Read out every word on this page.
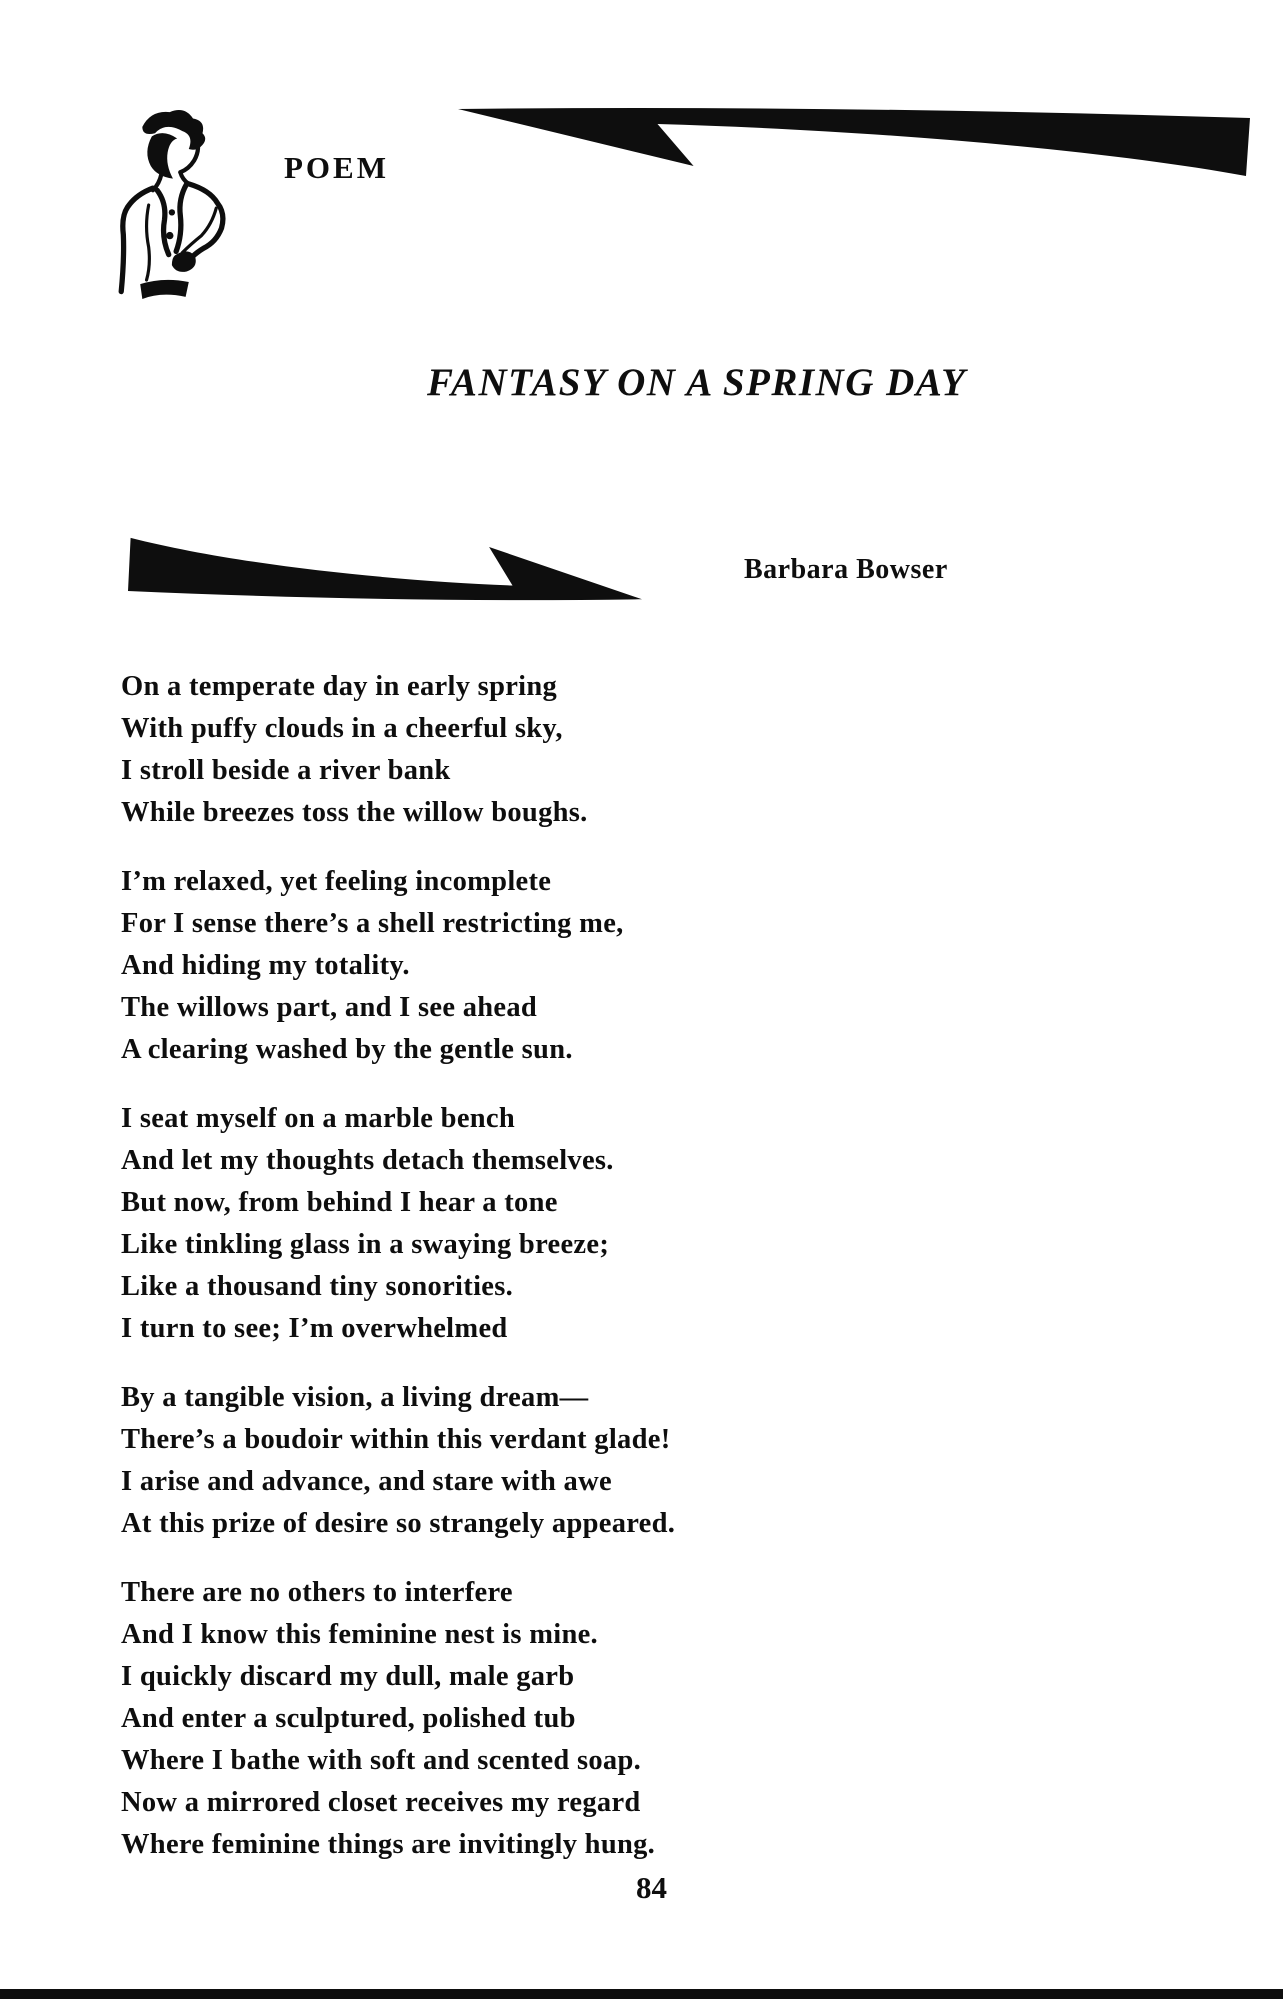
POEM
FANTASY ON A SPRING DAY
Barbara Bowser

On a temperate day in early spring
With puffy clouds in a cheerful sky,
I stroll beside a river bank
While breezes toss the willow boughs.

I’m relaxed, yet feeling incomplete
For I sense there’s a shell restricting me,
And hiding my totality.
The willows part, and I see ahead
A clearing washed by the gentle sun.

I seat myself on a marble bench
And let my thoughts detach themselves.
But now, from behind I hear a tone
Like tinkling glass in a swaying breeze;
Like a thousand tiny sonorities.
I turn to see; I’m overwhelmed

By a tangible vision, a living dream—
There’s a boudoir within this verdant glade!
I arise and advance, and stare with awe
At this prize of desire so strangely appeared.

There are no others to interfere
And I know this feminine nest is mine.
I quickly discard my dull, male garb
And enter a sculptured, polished tub
Where I bathe with soft and scented soap.
Now a mirrored closet receives my regard
Where feminine things are invitingly hung.

84
